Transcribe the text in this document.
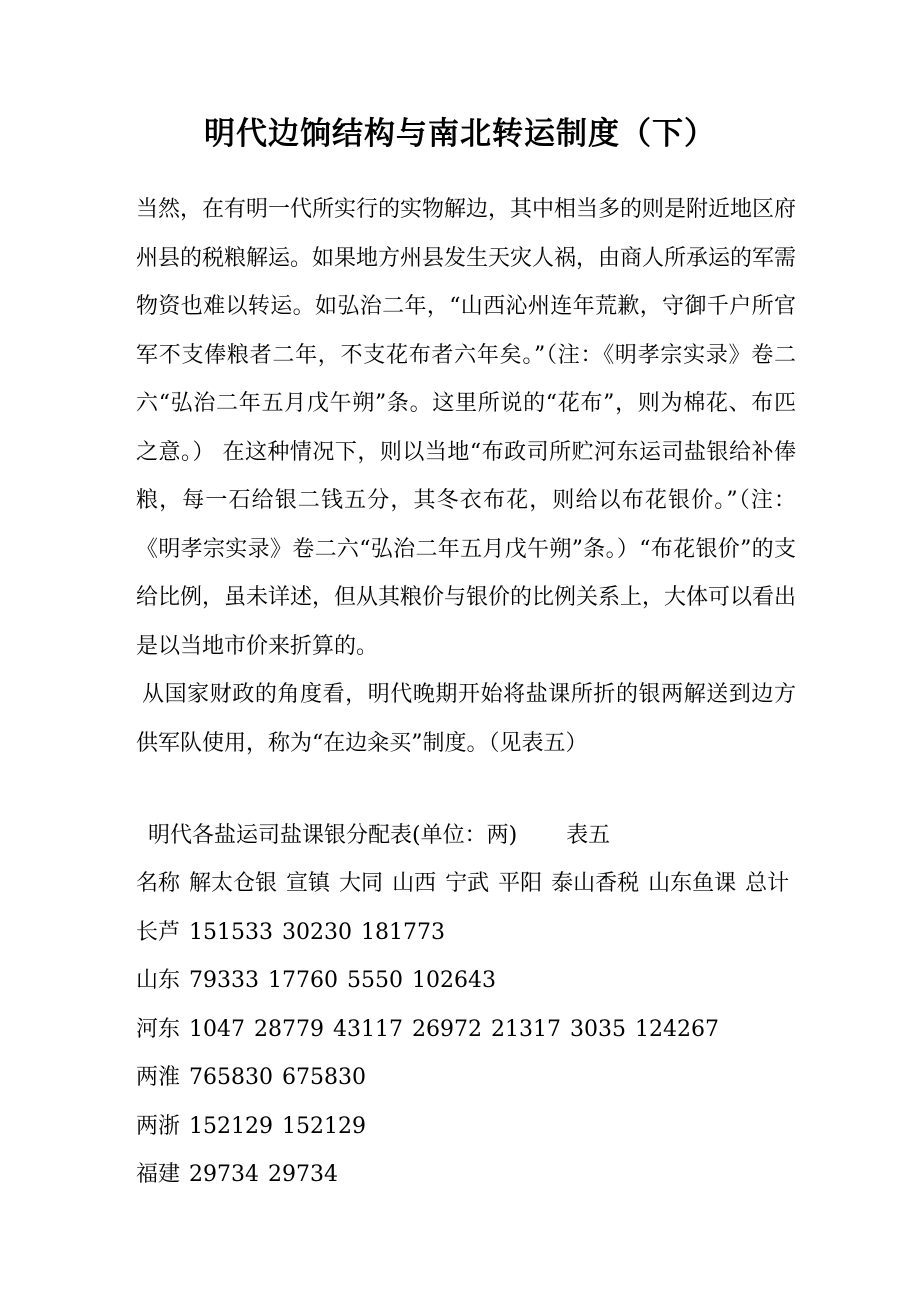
明代边饷结构与南北转运制度（下）

当然，在有明一代所实行的实物解边，其中相当多的则是附近地区府州县的税粮解运。如果地方州县发生天灾人祸，由商人所承运的军需物资也难以转运。如弘治二年，“山西沁州连年荒歉，守御千户所官军不支俸粮者二年，不支花布者六年矣。”（注：《明孝宗实录》卷二六“弘治二年五月戊午朔”条。这里所说的“花布”，则为棉花、布匹之意。） 在这种情况下，则以当地“布政司所贮河东运司盐银给补俸粮，每一石给银二钱五分，其冬衣布花，则给以布花银价。”（注：《明孝宗实录》卷二六“弘治二年五月戊午朔”条。）“布花银价”的支给比例，虽未详述，但从其粮价与银价的比例关系上，大体可以看出是以当地市价来折算的。

从国家财政的角度看，明代晚期开始将盐课所折的银两解送到边方供军队使用，称为“在边籴买”制度。（见表五）

明代各盐运司盐课银分配表(单位：两) 表五

名称 解太仓银 宣镇 大同 山西 宁武 平阳 泰山香税 山东鱼课 总计
长芦 151533 30230 181773
山东 79333 17760 5550 102643
河东 1047 28779 43117 26972 21317 3035 124267
两淮 765830 675830
两浙 152129 152129
福建 29734 29734
